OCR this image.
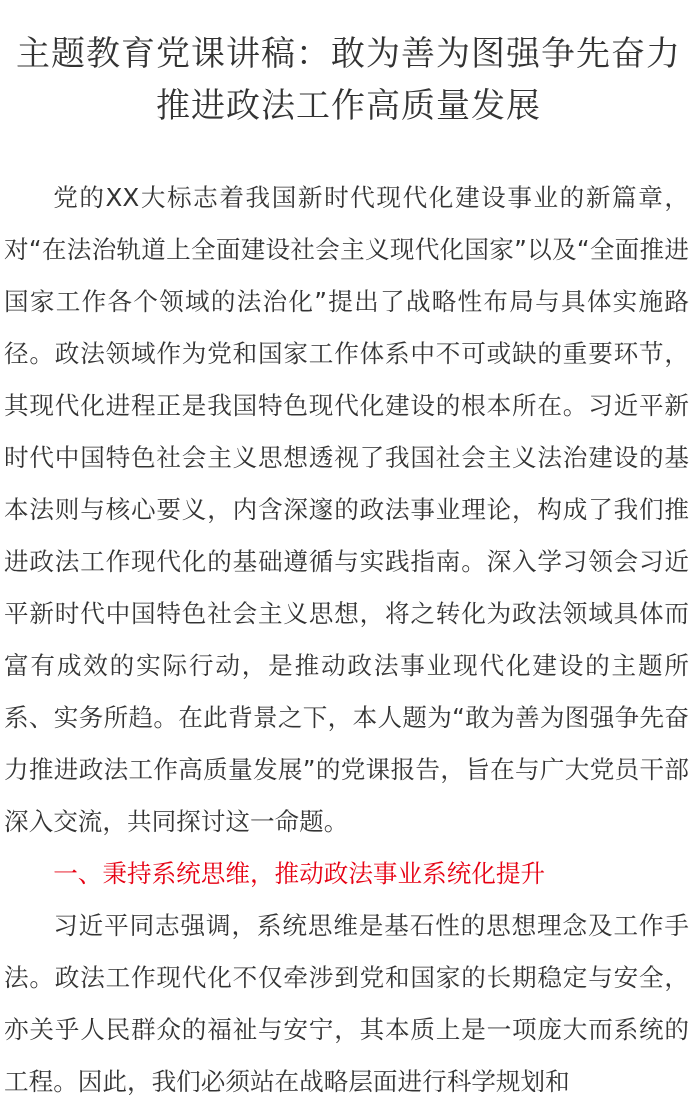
主题教育党课讲稿：敢为善为图强争先奋力
推进政法工作高质量发展

党的XX大标志着我国新时代现代化建设事业的新篇章，对“在法治轨道上全面建设社会主义现代化国家”以及“全面推进国家工作各个领域的法治化”提出了战略性布局与具体实施路径。政法领域作为党和国家工作体系中不可或缺的重要环节，其现代化进程正是我国特色现代化建设的根本所在。习近平新时代中国特色社会主义思想透视了我国社会主义法治建设的基本法则与核心要义，内含深邃的政法事业理论，构成了我们推进政法工作现代化的基础遵循与实践指南。深入学习领会习近平新时代中国特色社会主义思想，将之转化为政法领域具体而富有成效的实际行动，是推动政法事业现代化建设的主题所系、实务所趋。在此背景之下，本人题为“敢为善为图强争先奋力推进政法工作高质量发展”的党课报告，旨在与广大党员干部深入交流，共同探讨这一命题。

一、秉持系统思维，推动政法事业系统化提升

习近平同志强调，系统思维是基石性的思想理念及工作手法。政法工作现代化不仅牵涉到党和国家的长期稳定与安全，亦关乎人民群众的福祉与安宁，其本质上是一项庞大而系统的工程。因此，我们必须站在战略层面进行科学规划和
